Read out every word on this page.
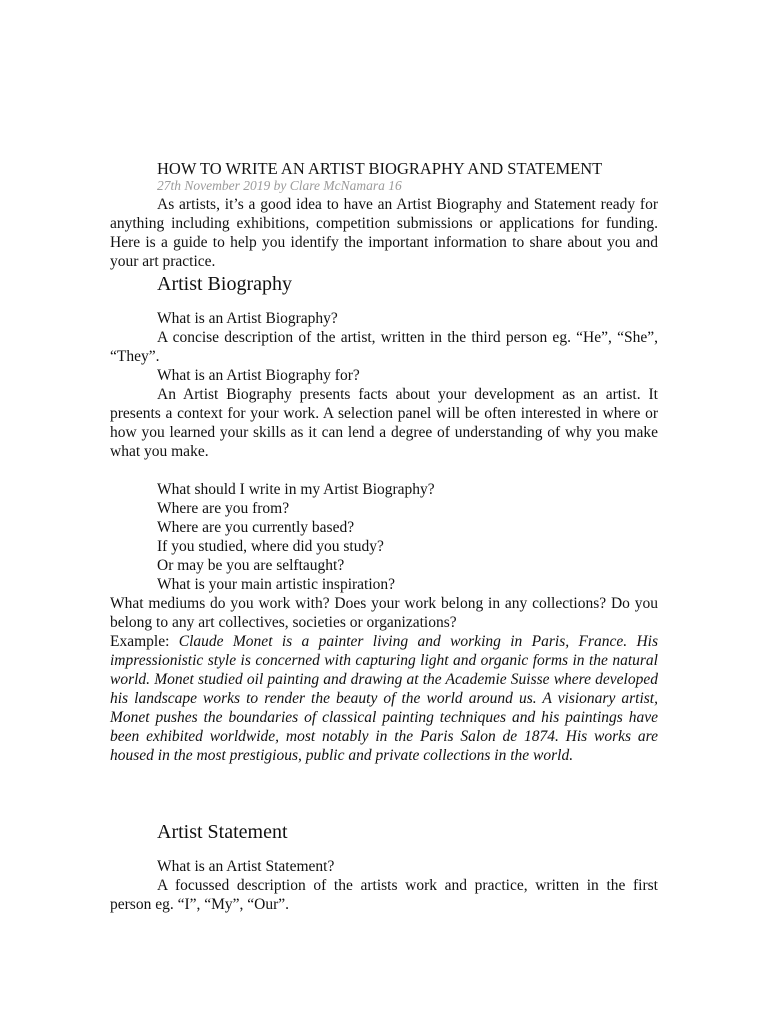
HOW TO WRITE AN ARTIST BIOGRAPHY AND STATEMENT
27th November 2019 by Clare McNamara 16

As artists, it’s a good idea to have an Artist Biography and Statement ready for anything including exhibitions, competition submissions or applications for funding. Here is a guide to help you identify the important information to share about you and your art practice.

Artist Biography
What is an Artist Biography?

A concise description of the artist, written in the third person eg. “He”, “She”, “They”.

What is an Artist Biography for?

An Artist Biography presents facts about your development as an artist. It presents a context for your work. A selection panel will be often interested in where or how you learned your skills as it can lend a degree of understanding of why you make what you make.

What should I write in my Artist Biography?
Where are you from?
Where are you currently based?
If you studied, where did you study?
Or may be you are selftaught?
What is your main artistic inspiration?

What mediums do you work with? Does your work belong in any collections? Do you belong to any art collectives, societies or organizations?

Example: Claude Monet is a painter living and working in Paris, France. His impressionistic style is concerned with capturing light and organic forms in the natural world. Monet studied oil painting and drawing at the Academie Suisse where developed his landscape works to render the beauty of the world around us. A visionary artist, Monet pushes the boundaries of classical painting techniques and his paintings have been exhibited worldwide, most notably in the Paris Salon de 1874. His works are housed in the most prestigious, public and private collections in the world.

Artist Statement
What is an Artist Statement?

A focussed description of the artists work and practice, written in the first person eg. “I”, “My”, “Our”.
